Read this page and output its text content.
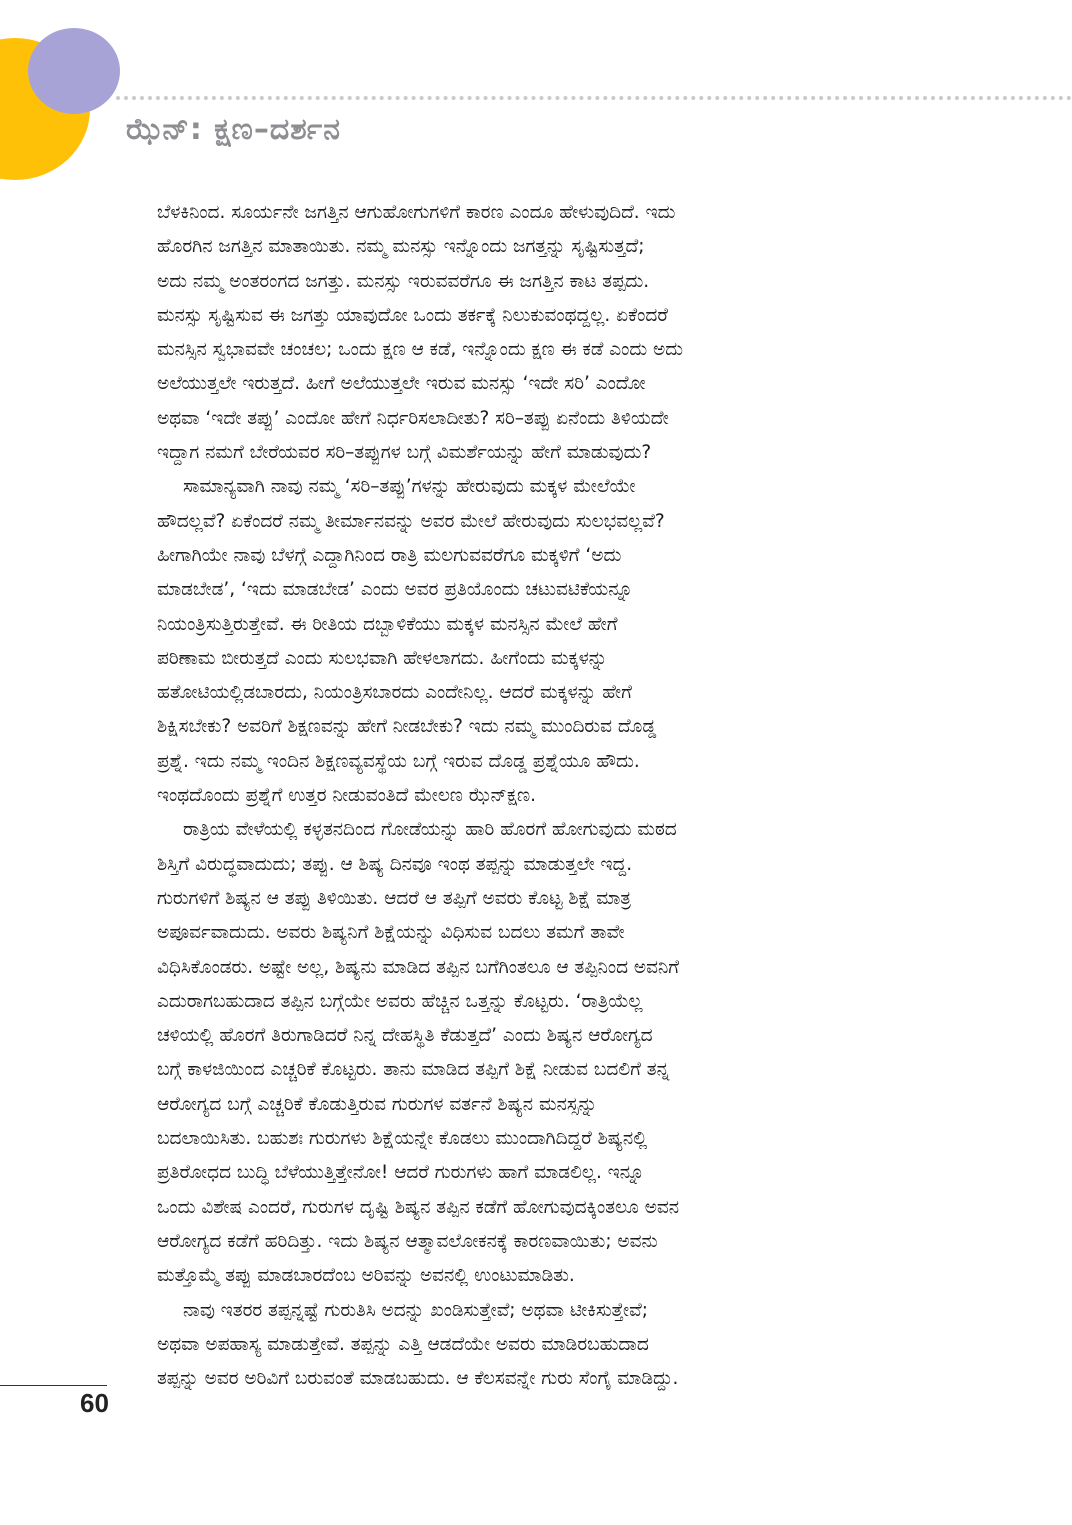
ಝೆನ್: ಕ್ಷಣ–ದರ್ಶನ

ಬೆಳಕಿನಿಂದ. ಸೂರ್ಯನೇ ಜಗತ್ತಿನ ಆಗುಹೋಗುಗಳಿಗೆ ಕಾರಣ ಎಂದೂ ಹೇಳುವುದಿದೆ. ಇದು
ಹೊರಗಿನ ಜಗತ್ತಿನ ಮಾತಾಯಿತು. ನಮ್ಮ ಮನಸ್ಸು ಇನ್ನೊಂದು ಜಗತ್ತನ್ನು ಸೃಷ್ಟಿಸುತ್ತದೆ;
ಅದು ನಮ್ಮ ಅಂತರಂಗದ ಜಗತ್ತು. ಮನಸ್ಸು ಇರುವವರೆಗೂ ಈ ಜಗತ್ತಿನ ಕಾಟ ತಪ್ಪದು.
ಮನಸ್ಸು ಸೃಷ್ಟಿಸುವ ಈ ಜಗತ್ತು ಯಾವುದೋ ಒಂದು ತರ್ಕಕ್ಕೆ ನಿಲುಕುವಂಥದ್ದಲ್ಲ. ಏಕೆಂದರೆ
ಮನಸ್ಸಿನ ಸ್ವಭಾವವೇ ಚಂಚಲ; ಒಂದು ಕ್ಷಣ ಆ ಕಡೆ, ಇನ್ನೊಂದು ಕ್ಷಣ ಈ ಕಡೆ ಎಂದು ಅದು
ಅಲೆಯುತ್ತಲೇ ಇರುತ್ತದೆ. ಹೀಗೆ ಅಲೆಯುತ್ತಲೇ ಇರುವ ಮನಸ್ಸು ‘ಇದೇ ಸರಿ’ ಎಂದೋ
ಅಥವಾ ‘ಇದೇ ತಪ್ಪು’ ಎಂದೋ ಹೇಗೆ ನಿರ್ಧರಿಸಲಾದೀತು? ಸರಿ–ತಪ್ಪು ಏನೆಂದು ತಿಳಿಯದೇ
ಇದ್ದಾಗ ನಮಗೆ ಬೇರೆಯವರ ಸರಿ–ತಪ್ಪುಗಳ ಬಗ್ಗೆ ವಿಮರ್ಶೆಯನ್ನು ಹೇಗೆ ಮಾಡುವುದು?

ಸಾಮಾನ್ಯವಾಗಿ ನಾವು ನಮ್ಮ ‘ಸರಿ–ತಪ್ಪು’ಗಳನ್ನು ಹೇರುವುದು ಮಕ್ಕಳ ಮೇಲೆಯೇ
ಹೌದಲ್ಲವೆ? ಏಕೆಂದರೆ ನಮ್ಮ ತೀರ್ಮಾನವನ್ನು ಅವರ ಮೇಲೆ ಹೇರುವುದು ಸುಲಭವಲ್ಲವೆ?
ಹೀಗಾಗಿಯೇ ನಾವು ಬೆಳಗ್ಗೆ ಎದ್ದಾಗಿನಿಂದ ರಾತ್ರಿ ಮಲಗುವವರೆಗೂ ಮಕ್ಕಳಿಗೆ ‘ಅದು
ಮಾಡಬೇಡ’, ‘ಇದು ಮಾಡಬೇಡ’ ಎಂದು ಅವರ ಪ್ರತಿಯೊಂದು ಚಟುವಟಿಕೆಯನ್ನೂ
ನಿಯಂತ್ರಿಸುತ್ತಿರುತ್ತೇವೆ. ಈ ರೀತಿಯ ದಬ್ಬಾಳಿಕೆಯು ಮಕ್ಕಳ ಮನಸ್ಸಿನ ಮೇಲೆ ಹೇಗೆ
ಪರಿಣಾಮ ಬೀರುತ್ತದೆ ಎಂದು ಸುಲಭವಾಗಿ ಹೇಳಲಾಗದು. ಹೀಗೆಂದು ಮಕ್ಕಳನ್ನು
ಹತೋಟಿಯಲ್ಲಿಡಬಾರದು, ನಿಯಂತ್ರಿಸಬಾರದು ಎಂದೇನಿಲ್ಲ. ಆದರೆ ಮಕ್ಕಳನ್ನು ಹೇಗೆ
ಶಿಕ್ಷಿಸಬೇಕು? ಅವರಿಗೆ ಶಿಕ್ಷಣವನ್ನು ಹೇಗೆ ನೀಡಬೇಕು? ಇದು ನಮ್ಮ ಮುಂದಿರುವ ದೊಡ್ಡ
ಪ್ರಶ್ನೆ. ಇದು ನಮ್ಮ ಇಂದಿನ ಶಿಕ್ಷಣವ್ಯವಸ್ಥೆಯ ಬಗ್ಗೆ ಇರುವ ದೊಡ್ಡ ಪ್ರಶ್ನೆಯೂ ಹೌದು.
ಇಂಥದೊಂದು ಪ್ರಶ್ನೆಗೆ ಉತ್ತರ ನೀಡುವಂತಿದೆ ಮೇಲಣ ಝೆನ್‌ಕ್ಷಣ.

ರಾತ್ರಿಯ ವೇಳೆಯಲ್ಲಿ ಕಳ್ಳತನದಿಂದ ಗೋಡೆಯನ್ನು ಹಾರಿ ಹೊರಗೆ ಹೋಗುವುದು ಮಠದ
ಶಿಸ್ತಿಗೆ ವಿರುದ್ಧವಾದುದು; ತಪ್ಪು. ಆ ಶಿಷ್ಯ ದಿನವೂ ಇಂಥ ತಪ್ಪನ್ನು ಮಾಡುತ್ತಲೇ ಇದ್ದ.
ಗುರುಗಳಿಗೆ ಶಿಷ್ಯನ ಆ ತಪ್ಪು ತಿಳಿಯಿತು. ಆದರೆ ಆ ತಪ್ಪಿಗೆ ಅವರು ಕೊಟ್ಟ ಶಿಕ್ಷೆ ಮಾತ್ರ
ಅಪೂರ್ವವಾದುದು. ಅವರು ಶಿಷ್ಯನಿಗೆ ಶಿಕ್ಷೆಯನ್ನು ವಿಧಿಸುವ ಬದಲು ತಮಗೆ ತಾವೇ
ವಿಧಿಸಿಕೊಂಡರು. ಅಷ್ಟೇ ಅಲ್ಲ, ಶಿಷ್ಯನು ಮಾಡಿದ ತಪ್ಪಿನ ಬಗೆಗಿಂತಲೂ ಆ ತಪ್ಪಿನಿಂದ ಅವನಿಗೆ
ಎದುರಾಗಬಹುದಾದ ತಪ್ಪಿನ ಬಗ್ಗೆಯೇ ಅವರು ಹೆಚ್ಚಿನ ಒತ್ತನ್ನು ಕೊಟ್ಟರು. ‘ರಾತ್ರಿಯೆಲ್ಲ
ಚಳಿಯಲ್ಲಿ ಹೊರಗೆ ತಿರುಗಾಡಿದರೆ ನಿನ್ನ ದೇಹಸ್ಥಿತಿ ಕೆಡುತ್ತದೆ’ ಎಂದು ಶಿಷ್ಯನ ಆರೋಗ್ಯದ
ಬಗ್ಗೆ ಕಾಳಜಿಯಿಂದ ಎಚ್ಚರಿಕೆ ಕೊಟ್ಟರು. ತಾನು ಮಾಡಿದ ತಪ್ಪಿಗೆ ಶಿಕ್ಷೆ ನೀಡುವ ಬದಲಿಗೆ ತನ್ನ
ಆರೋಗ್ಯದ ಬಗ್ಗೆ ಎಚ್ಚರಿಕೆ ಕೊಡುತ್ತಿರುವ ಗುರುಗಳ ವರ್ತನೆ ಶಿಷ್ಯನ ಮನಸ್ಸನ್ನು
ಬದಲಾಯಿಸಿತು. ಬಹುಶಃ ಗುರುಗಳು ಶಿಕ್ಷೆಯನ್ನೇ ಕೊಡಲು ಮುಂದಾಗಿದಿದ್ದರೆ ಶಿಷ್ಯನಲ್ಲಿ
ಪ್ರತಿರೋಧದ ಬುದ್ಧಿ ಬೆಳೆಯುತ್ತಿತ್ತೇನೋ! ಆದರೆ ಗುರುಗಳು ಹಾಗೆ ಮಾಡಲಿಲ್ಲ. ಇನ್ನೂ
ಒಂದು ವಿಶೇಷ ಎಂದರೆ, ಗುರುಗಳ ದೃಷ್ಟಿ ಶಿಷ್ಯನ ತಪ್ಪಿನ ಕಡೆಗೆ ಹೋಗುವುದಕ್ಕಿಂತಲೂ ಅವನ
ಆರೋಗ್ಯದ ಕಡೆಗೆ ಹರಿದಿತ್ತು. ಇದು ಶಿಷ್ಯನ ಆತ್ಮಾವಲೋಕನಕ್ಕೆ ಕಾರಣವಾಯಿತು; ಅವನು
ಮತ್ತೊಮ್ಮೆ ತಪ್ಪು ಮಾಡಬಾರದೆಂಬ ಅರಿವನ್ನು ಅವನಲ್ಲಿ ಉಂಟುಮಾಡಿತು.

ನಾವು ಇತರರ ತಪ್ಪನ್ನಷ್ಟೆ ಗುರುತಿಸಿ ಅದನ್ನು ಖಂಡಿಸುತ್ತೇವೆ; ಅಥವಾ ಟೀಕಿಸುತ್ತೇವೆ;
ಅಥವಾ ಅಪಹಾಸ್ಯ ಮಾಡುತ್ತೇವೆ. ತಪ್ಪನ್ನು ಎತ್ತಿ ಆಡದೆಯೇ ಅವರು ಮಾಡಿರಬಹುದಾದ
ತಪ್ಪನ್ನು ಅವರ ಅರಿವಿಗೆ ಬರುವಂತೆ ಮಾಡಬಹುದು. ಆ ಕೆಲಸವನ್ನೇ ಗುರು ಸೆಂಗೈ ಮಾಡಿದ್ದು.

60
